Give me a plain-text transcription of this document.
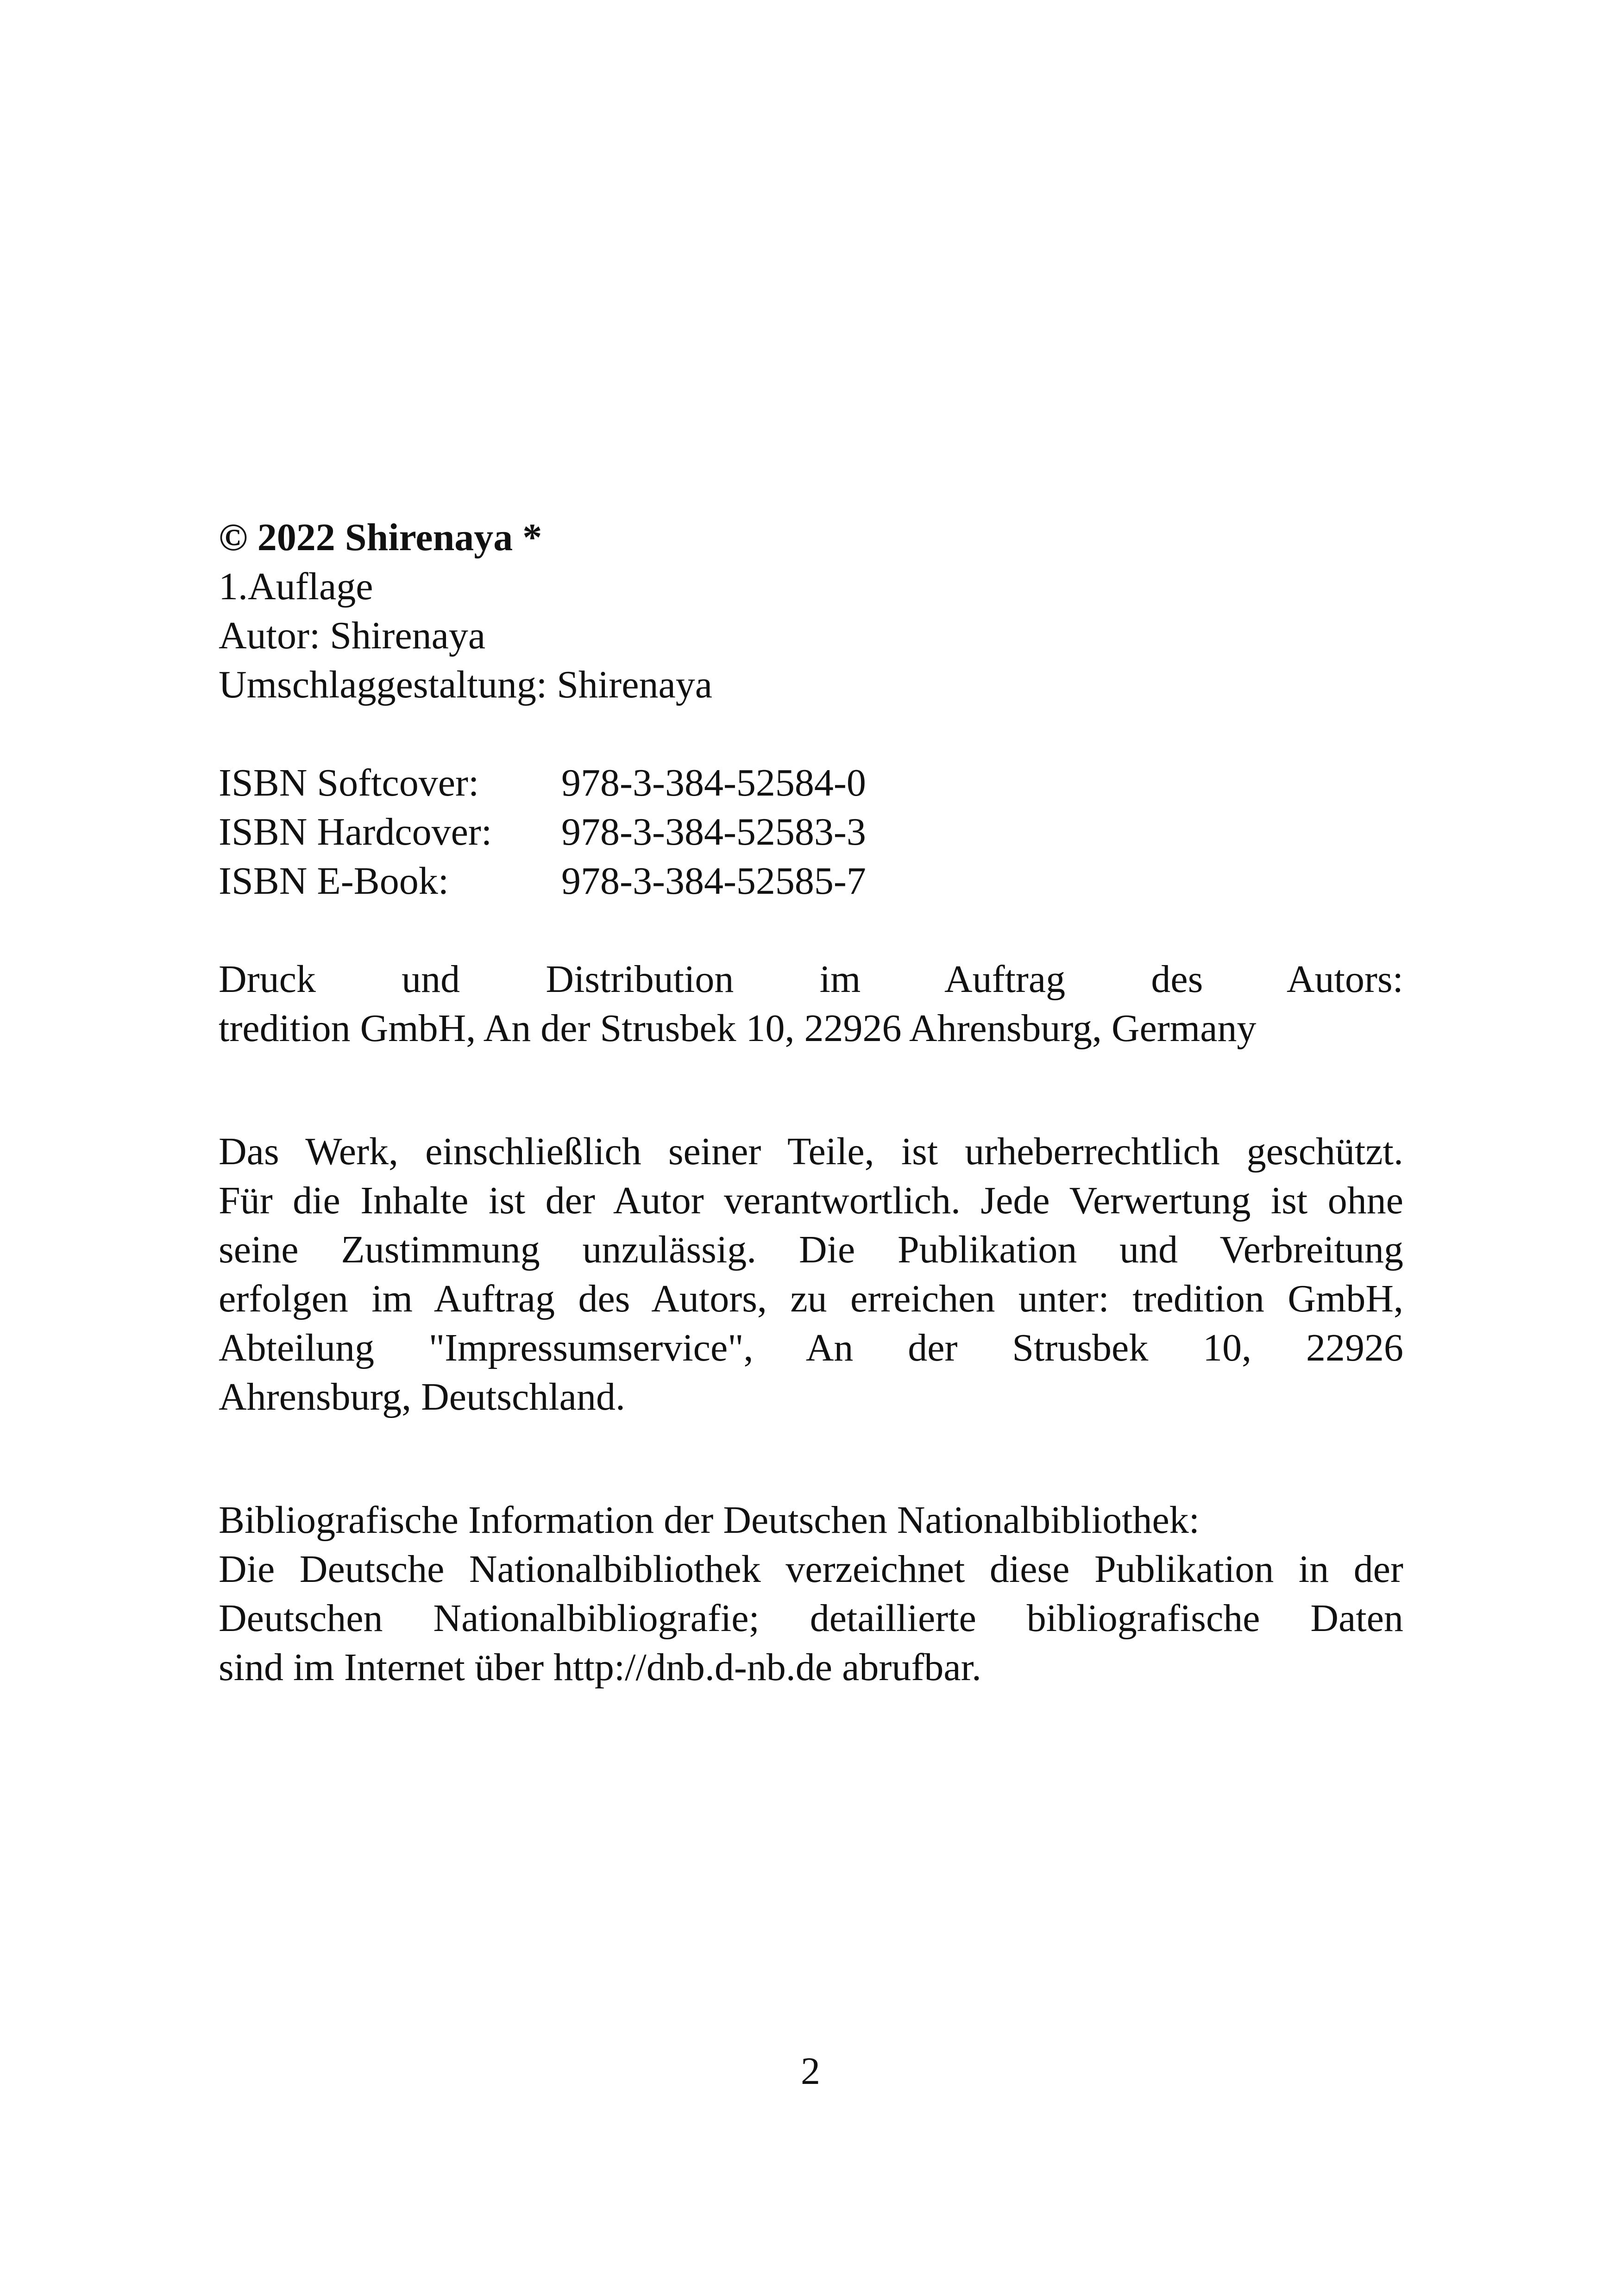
© 2022 Shirenaya *
1.Auflage
Autor: Shirenaya
Umschlaggestaltung: Shirenaya
ISBN Softcover:	978-3-384-52584-0
ISBN Hardcover:	978-3-384-52583-3
ISBN E-Book:	978-3-384-52585-7
Druck und Distribution im Auftrag des Autors:
tredition GmbH, An der Strusbek 10, 22926 Ahrensburg, Germany
Das Werk, einschließlich seiner Teile, ist urheberrechtlich geschützt.
Für die Inhalte ist der Autor verantwortlich. Jede Verwertung ist ohne
seine Zustimmung unzulässig. Die Publikation und Verbreitung
erfolgen im Auftrag des Autors, zu erreichen unter: tredition GmbH,
Abteilung "Impressumservice", An der Strusbek 10, 22926
Ahrensburg, Deutschland.
Bibliografische Information der Deutschen Nationalbibliothek:
Die Deutsche Nationalbibliothek verzeichnet diese Publikation in der
Deutschen Nationalbibliografie; detaillierte bibliografische Daten
sind im Internet über http://dnb.d-nb.de abrufbar.
2
